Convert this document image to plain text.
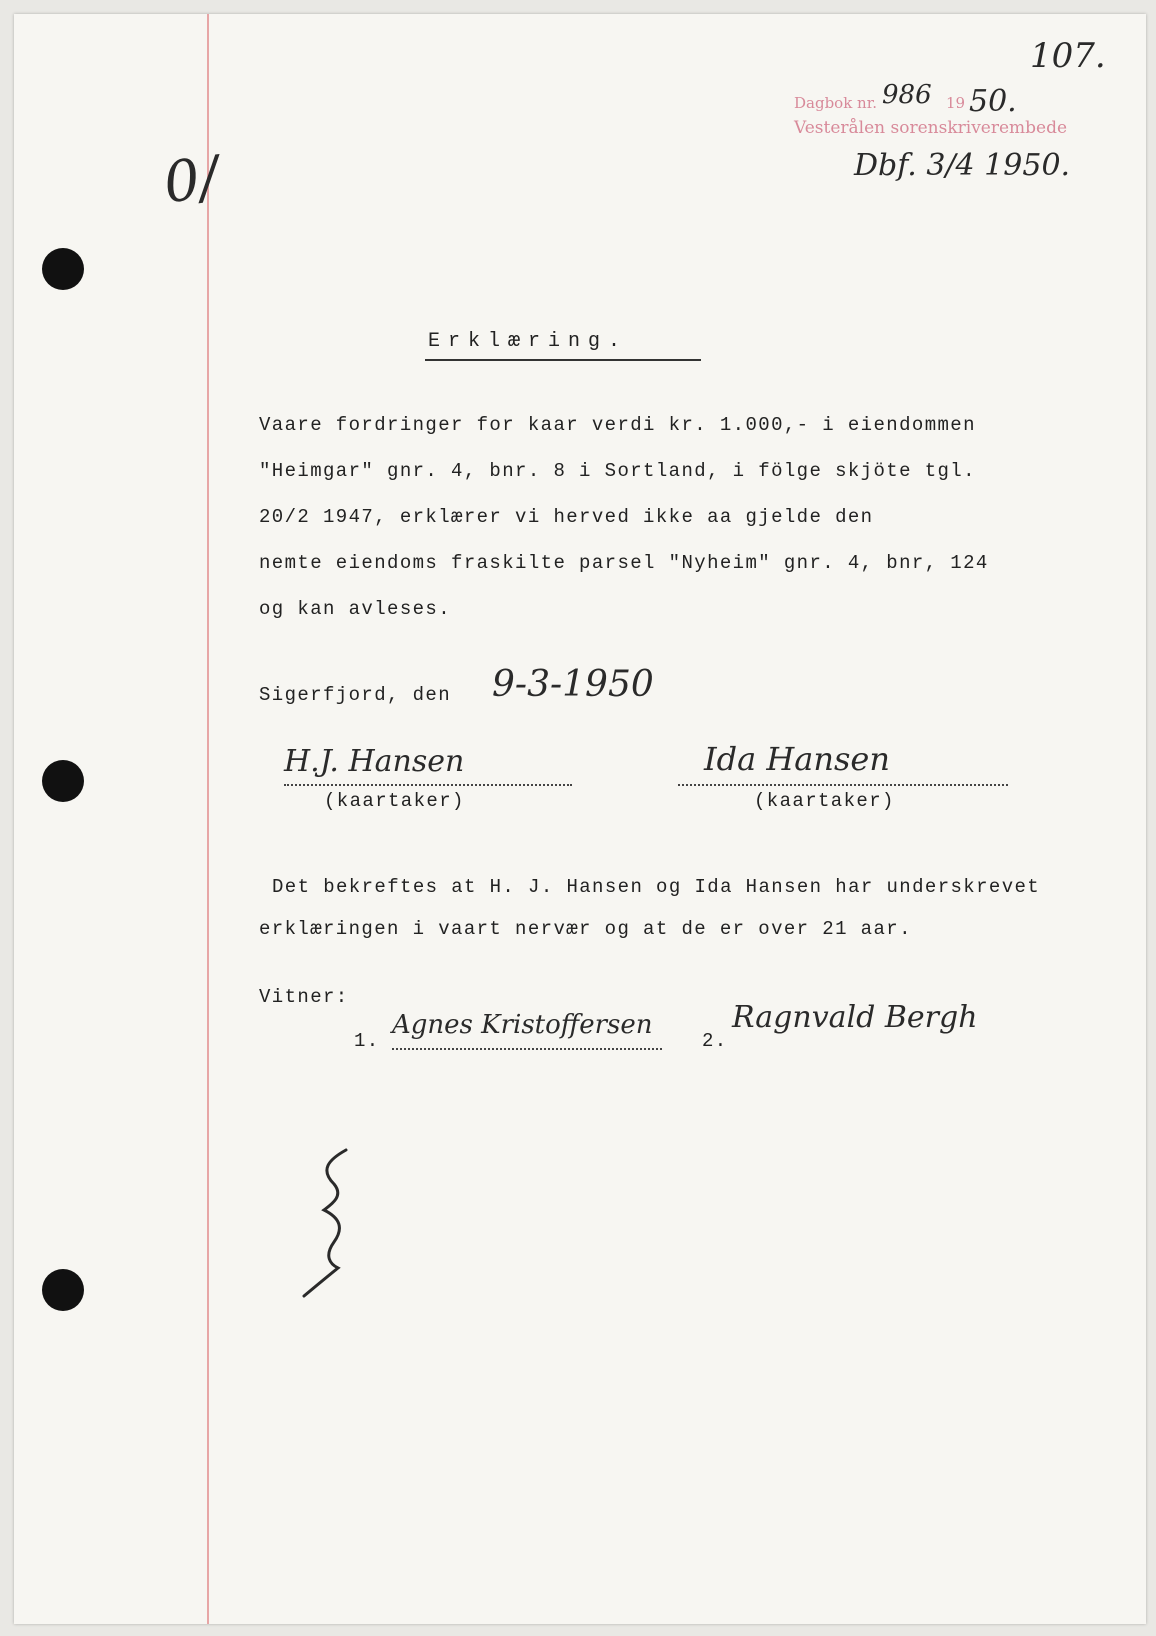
107.
Dagbok nr. 986 19 50.
Vesterålen sorenskriverembede
Dbf. 3/4 1950.
0/
Erklæring.
Vaare fordringer for kaar verdi kr. 1.000,- i eiendommen
"Heimgar" gnr. 4, bnr. 8 i Sortland, i fölge skjöte tgl.
20/2 1947, erklærer vi herved ikke aa gjelde den
nemte eiendoms fraskilte parsel "Nyheim" gnr. 4, bnr, 124
og kan avleses.
Sigerfjord, den 9-3-1950
H.J. Hansen
(kaartaker)
Ida Hansen
(kaartaker)
Det bekreftes at H. J. Hansen og Ida Hansen har underskrevet
erklæringen i vaart nervær og at de er over 21 aar.
Vitner:
1.
Agnes Kristoffersen
2.
Ragnvald Bergh
